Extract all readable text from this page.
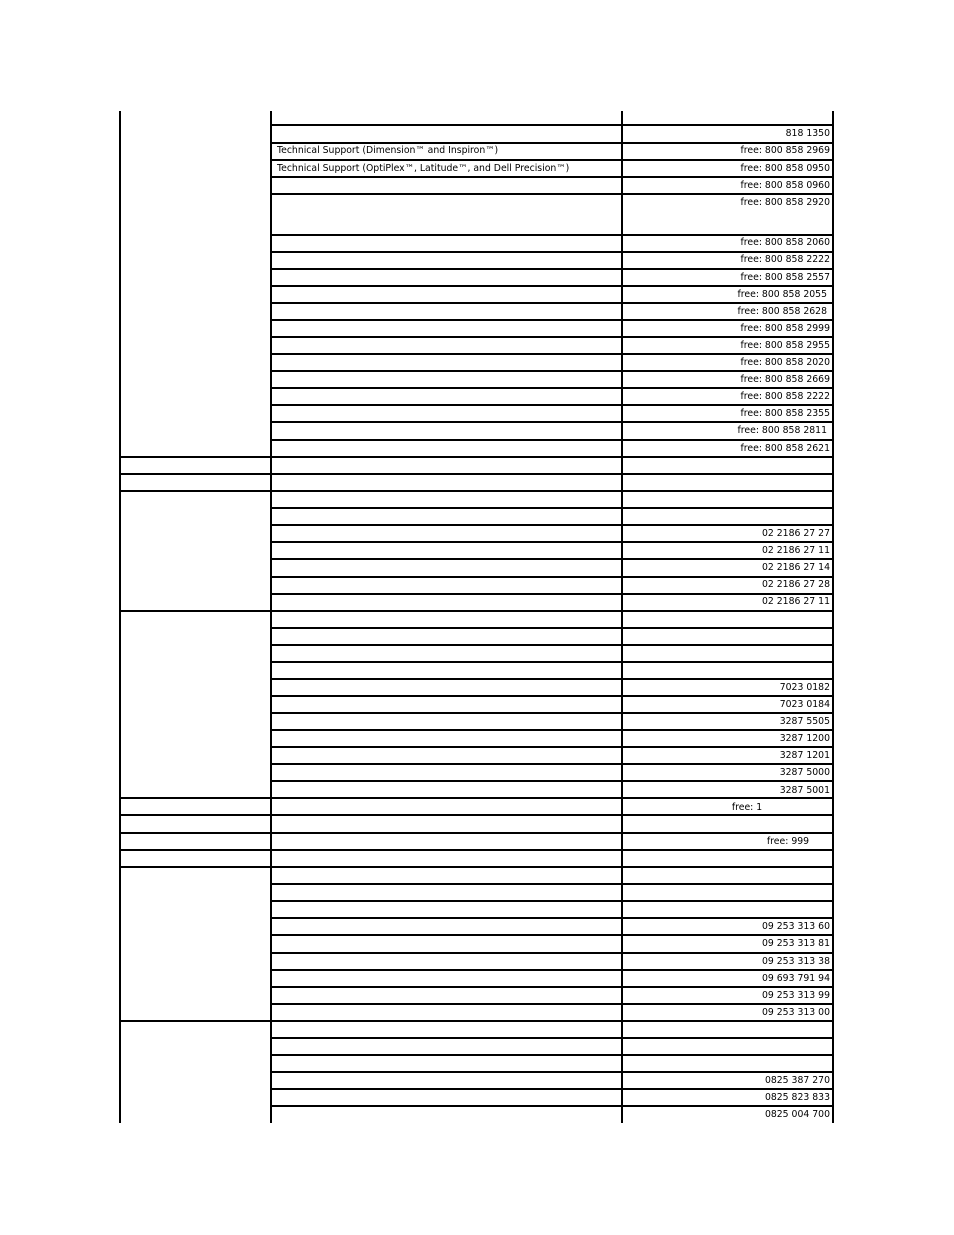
818 1350
Technical Support (Dimension™ and Inspiron™)	free: 800 858 2969
Technical Support (OptiPlex™, Latitude™, and Dell Precision™)	free: 800 858 0950
free: 800 858 0960
free: 800 858 2920
free: 800 858 2060
free: 800 858 2222
free: 800 858 2557
free: 800 858 2055
free: 800 858 2628
free: 800 858 2999
free: 800 858 2955
free: 800 858 2020
free: 800 858 2669
free: 800 858 2222
free: 800 858 2355
free: 800 858 2811
free: 800 858 2621
02 2186 27 27
02 2186 27 11
02 2186 27 14
02 2186 27 28
02 2186 27 11
7023 0182
7023 0184
3287 5505
3287 1200
3287 1201
3287 5000
3287 5001
free: 1
free: 999
09 253 313 60
09 253 313 81
09 253 313 38
09 693 791 94
09 253 313 99
09 253 313 00
0825 387 270
0825 823 833
0825 004 700
